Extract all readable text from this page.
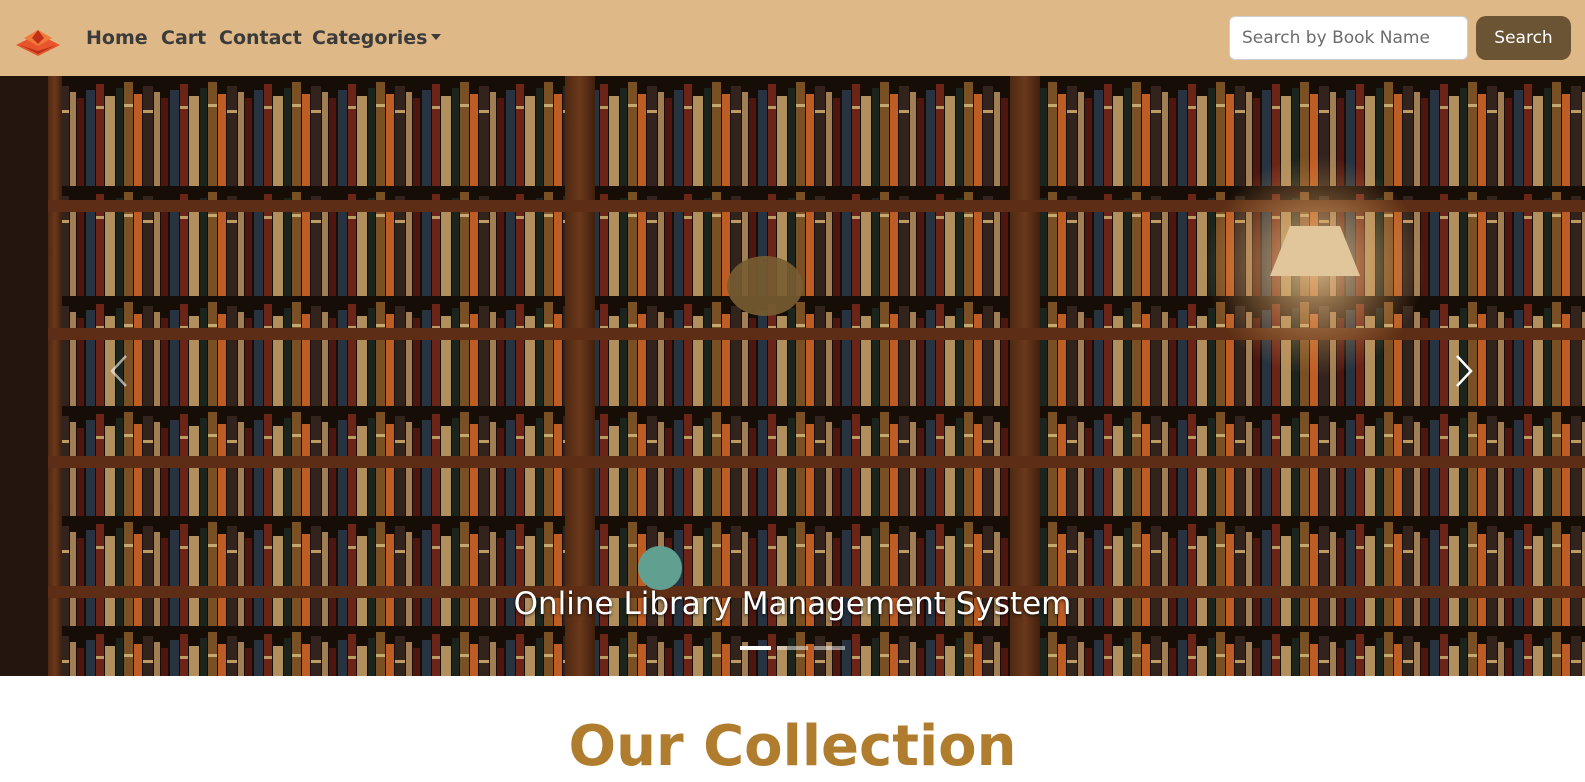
Home Cart Contact Categories
Search by Book Name	Search
Online Library Management System
Our Collection
